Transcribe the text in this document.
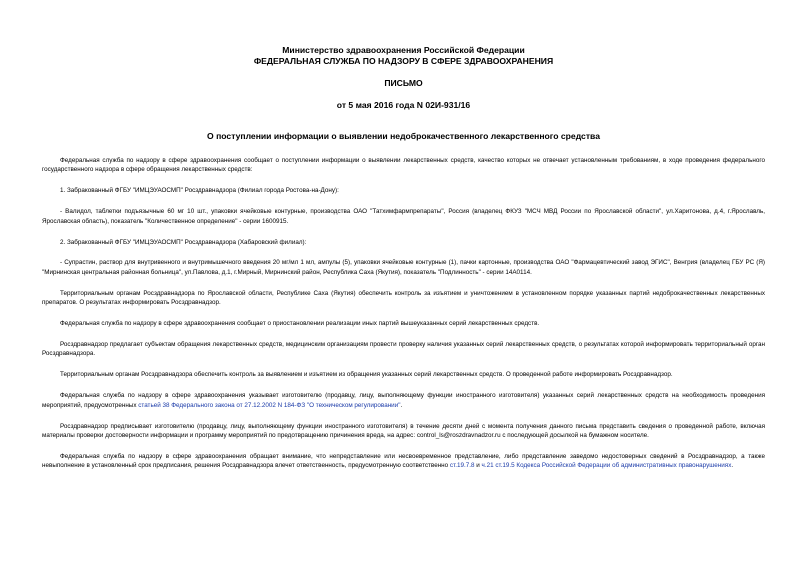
Министерство здравоохранения Российской Федерации
ФЕДЕРАЛЬНАЯ СЛУЖБА ПО НАДЗОРУ В СФЕРЕ ЗДРАВООХРАНЕНИЯ
ПИСЬМО
от 5 мая 2016 года N 02И-931/16
О поступлении информации о выявлении недоброкачественного лекарственного средства

Федеральная служба по надзору в сфере здравоохранения сообщает о поступлении информации о выявлении лекарственных средств, качество которых не отвечает установленным требованиям, в ходе проведения федерального государственного надзора в сфере обращения лекарственных средств:

1. Забракованный ФГБУ "ИМЦЭУАОСМП" Росздравнадзора (Филиал города Ростова-на-Дону):

- Валидол, таблетки подъязычные 60 мг 10 шт., упаковки ячейковые контурные, производства ОАО "Татхимфармпрепараты", Россия (владелец ФКУЗ "МСЧ МВД России по Ярославской области", ул.Харитонова, д.4, г.Ярославль, Ярославская область), показатель "Количественное определение" - серии 1600915.

2. Забракованный ФГБУ "ИМЦЭУАОСМП" Росздравнадзора (Хабаровский филиал):

- Супрастин, раствор для внутривенного и внутримышечного введения 20 мг/мл 1 мл, ампулы (5), упаковки ячейковые контурные (1), пачки картонные, производства ОАО "Фармацевтический завод ЭГИС", Венгрия (владелец ГБУ РС (Я) "Мирнинская центральная районная больница", ул.Павлова, д.1, г.Мирный, Мирнинский район, Республика Саха (Якутия), показатель "Подлинность" - серии 14А0114.

Территориальным органам Росздравнадзора по Ярославской области, Республике Саха (Якутия) обеспечить контроль за изъятием и уничтожением в установленном порядке указанных партий недоброкачественных лекарственных препаратов. О результатах информировать Росздравнадзор.

Федеральная служба по надзору в сфере здравоохранения сообщает о приостановлении реализации иных партий вышеуказанных серий лекарственных средств.

Росздравнадзор предлагает субъектам обращения лекарственных средств, медицинским организациям провести проверку наличия указанных серий лекарственных средств, о результатах которой информировать территориальный орган Росздравнадзора.

Территориальным органам Росздравнадзора обеспечить контроль за выявлением и изъятием из обращения указанных серий лекарственных средств. О проведенной работе информировать Росздравнадзор.

Федеральная служба по надзору в сфере здравоохранения указывает изготовителю (продавцу, лицу, выполняющему функции иностранного изготовителя) указанных серий лекарственных средств на необходимость проведения мероприятий, предусмотренных статьей 38 Федерального закона от 27.12.2002 N 184-ФЗ "О техническом регулировании".

Росздравнадзор предписывает изготовителю (продавцу, лицу, выполняющему функции иностранного изготовителя) в течение десяти дней с момента получения данного письма представить сведения о проведенной работе, включая материалы проверки достоверности информации и программу мероприятий по предотвращению причинения вреда, на адрес: control_ls@roszdravnadzor.ru с последующей досылкой на бумажном носителе.

Федеральная служба по надзору в сфере здравоохранения обращает внимание, что непредставление или несвоевременное представление, либо представление заведомо недостоверных сведений в Росздравнадзор, а также невыполнение в установленный срок предписания, решения Росздравнадзора влечет ответственность, предусмотренную соответственно ст.19.7.8 и ч.21 ст.19.5 Кодекса Российской Федерации об административных правонарушениях.
